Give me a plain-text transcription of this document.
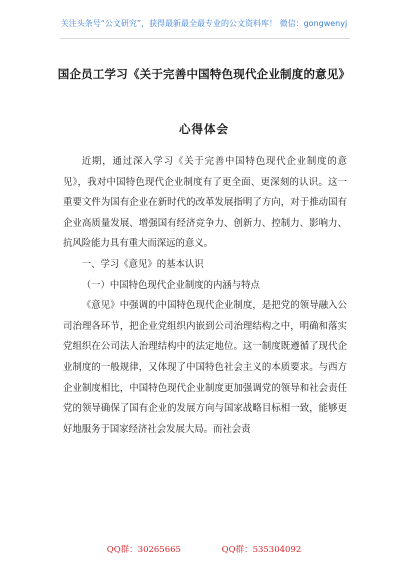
关注头条号“公文研究”，获得最新最全最专业的公文资料库！ 微信：gongwenyj
国企员工学习《关于完善中国特色现代企业制度的意见》
心得体会

近期，通过深入学习《关于完善中国特色现代企业制度的意见》，我对中国特色现代企业制度有了更全面、更深刻的认识。这一重要文件为国有企业在新时代的改革发展指明了方向，对于推动国有企业高质量发展、增强国有经济竞争力、创新力、控制力、影响力、抗风险能力具有重大而深远的意义。

一、学习《意见》的基本认识

（一）中国特色现代企业制度的内涵与特点

《意见》中强调的中国特色现代企业制度，是把党的领导融入公司治理各环节，把企业党组织内嵌到公司治理结构之中，明确和落实党组织在公司法人治理结构中的法定地位。这一制度既遵循了现代企业制度的一般规律，又体现了中国特色社会主义的本质要求。与西方企业制度相比，中国特色现代企业制度更加强调党的领导和社会责任党的领导确保了国有企业的发展方向与国家战略目标相一致，能够更好地服务于国家经济社会发展大局。而社会责

QQ群：30265665	QQ群：535304092
